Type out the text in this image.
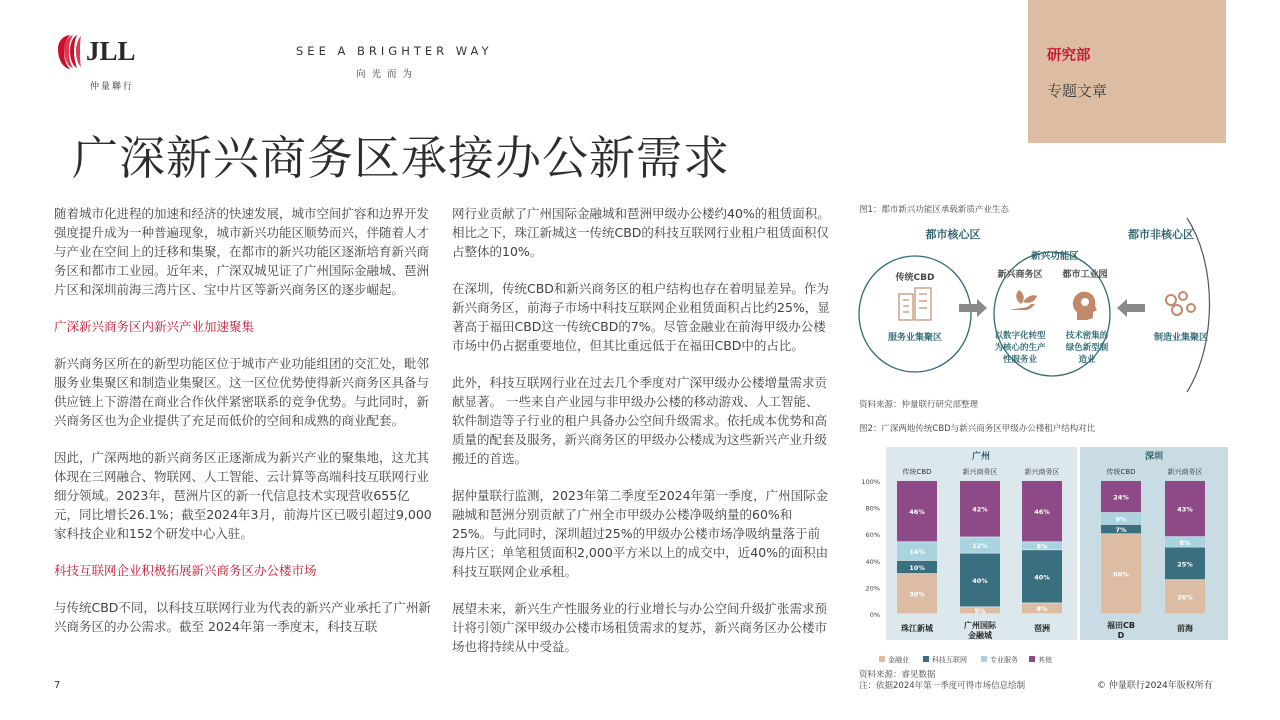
JLL
仲量聯行
SEE A BRIGHTER WAY
向光而为
研究部
专题文章
广深新兴商务区承接办公新需求

随着城市化进程的加速和经济的快速发展，城市空间扩容和边界开发强度提升成为一种普遍现象，城市新兴功能区顺势而兴，伴随着人才与产业在空间上的迁移和集聚，在都市的新兴功能区逐渐培育新兴商务区和都市工业园。近年来，广深双城见证了广州国际金融城、琶洲片区和深圳前海三湾片区、宝中片区等新兴商务区的逐步崛起。

广深新兴商务区内新兴产业加速聚集

新兴商务区所在的新型功能区位于城市产业功能组团的交汇处，毗邻服务业集聚区和制造业集聚区。这一区位优势使得新兴商务区具备与供应链上下游潜在商业合作伙伴紧密联系的竞争优势。与此同时，新兴商务区也为企业提供了充足而低价的空间和成熟的商业配套。

因此，广深两地的新兴商务区正逐渐成为新兴产业的聚集地，这尤其体现在三网融合、物联网、人工智能、云计算等高端科技互联网行业细分领域。2023年，琶洲片区的新一代信息技术实现营收655亿元，同比增长26.1%；截至2024年3月，前海片区已吸引超过9,000家科技企业和152个研发中心入驻。

科技互联网企业积极拓展新兴商务区办公楼市场

与传统CBD不同，以科技互联网行业为代表的新兴产业承托了广州新兴商务区的办公需求。截至 2024年第一季度末，科技互联

网行业贡献了广州国际金融城和琶洲甲级办公楼约40%的租赁面积。相比之下，珠江新城这一传统CBD的科技互联网行业租户租赁面积仅占整体的10%。

在深圳，传统CBD和新兴商务区的租户结构也存在着明显差异。作为新兴商务区，前海子市场中科技互联网企业租赁面积占比约25%，显著高于福田CBD这一传统CBD的7%。尽管金融业在前海甲级办公楼市场中仍占据重要地位，但其比重远低于在福田CBD中的占比。

此外，科技互联网行业在过去几个季度对广深甲级办公楼增量需求贡献显著。 一些来自产业园与非甲级办公楼的移动游戏、人工智能、软件制造等子行业的租户具备办公空间升级需求。依托成本优势和高质量的配套及服务，新兴商务区的甲级办公楼成为这些新兴产业升级搬迁的首选。

据仲量联行监测，2023年第二季度至2024年第一季度，广州国际金融城和琶洲分别贡献了广州全市甲级办公楼净吸纳量的60%和25%。与此同时，深圳超过25%的甲级办公楼市场净吸纳量落于前海片区；单笔租赁面积2,000平方米以上的成交中，近40%的面积由科技互联网企业承租。

展望未来，新兴生产性服务业的行业增长与办公空间升级扩张需求预计将引领广深甲级办公楼市场租赁需求的复苏，新兴商务区办公楼市场也将持续从中受益。

图1：都市新兴功能区承载新质产业生态
都市核心区	都市非核心区
新兴功能区
传统CBD
服务业集聚区
新兴商务区 都市工业园
以数字化转型
为核心的生产
性服务业
技术密集的
绿色新型制
造业
制造业集聚区
资料来源：仲量联行研究部整理
图2：广深两地传统CBD与新兴商务区甲级办公楼租户结构对比
广州	深圳
0%
20%
40%
60%
80%
100%
传统CBD	新兴商务区	新兴商务区	传统CBD	新兴商务区
30%
10%
14%
46%
5%
40%
12%
42%
8%
40%
6%
46%
60%
7%
9%
24%
26%
25%
8%
43%
珠江新城	广州国际金融城
琶洲	福田CB D
前海
金融业	科技互联网	专业服务	其他
资料来源：睿见数据
注：依据2024年第一季度可得市场信息绘制
7	© 仲量联行2024年版权所有
